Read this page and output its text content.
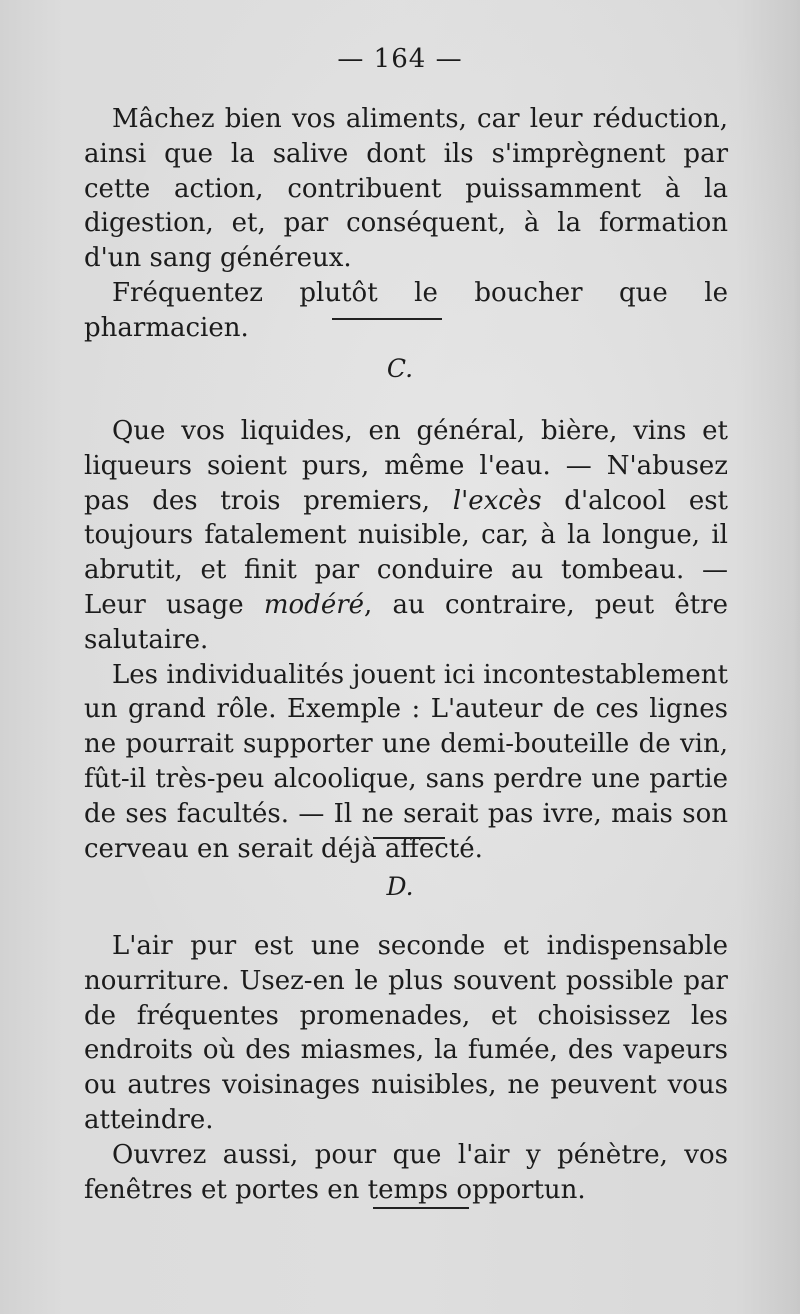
— 164 —

Mâchez bien vos aliments, car leur réduction, ainsi que la salive dont ils s'imprègnent par cette action, contribuent puissamment à la digestion, et, par conséquent, à la formation d'un sang généreux.

Fréquentez plutôt le boucher que le pharmacien.

C.

Que vos liquides, en général, bière, vins et liqueurs soient purs, même l'eau. — N'abusez pas des trois premiers, l'excès d'alcool est toujours fatalement nuisible, car, à la longue, il abrutit, et finit par conduire au tombeau. — Leur usage modéré, au contraire, peut être salutaire.

Les individualités jouent ici incontestablement un grand rôle. Exemple : L'auteur de ces lignes ne pourrait supporter une demi-bouteille de vin, fût-il très-peu alcoolique, sans perdre une partie de ses facultés. — Il ne serait pas ivre, mais son cerveau en serait déjà affecté.

D.

L'air pur est une seconde et indispensable nourriture. Usez-en le plus souvent possible par de fréquentes promenades, et choisissez les endroits où des miasmes, la fumée, des vapeurs ou autres voisinages nuisibles, ne peuvent vous atteindre.

Ouvrez aussi, pour que l'air y pénètre, vos fenêtres et portes en temps opportun.
